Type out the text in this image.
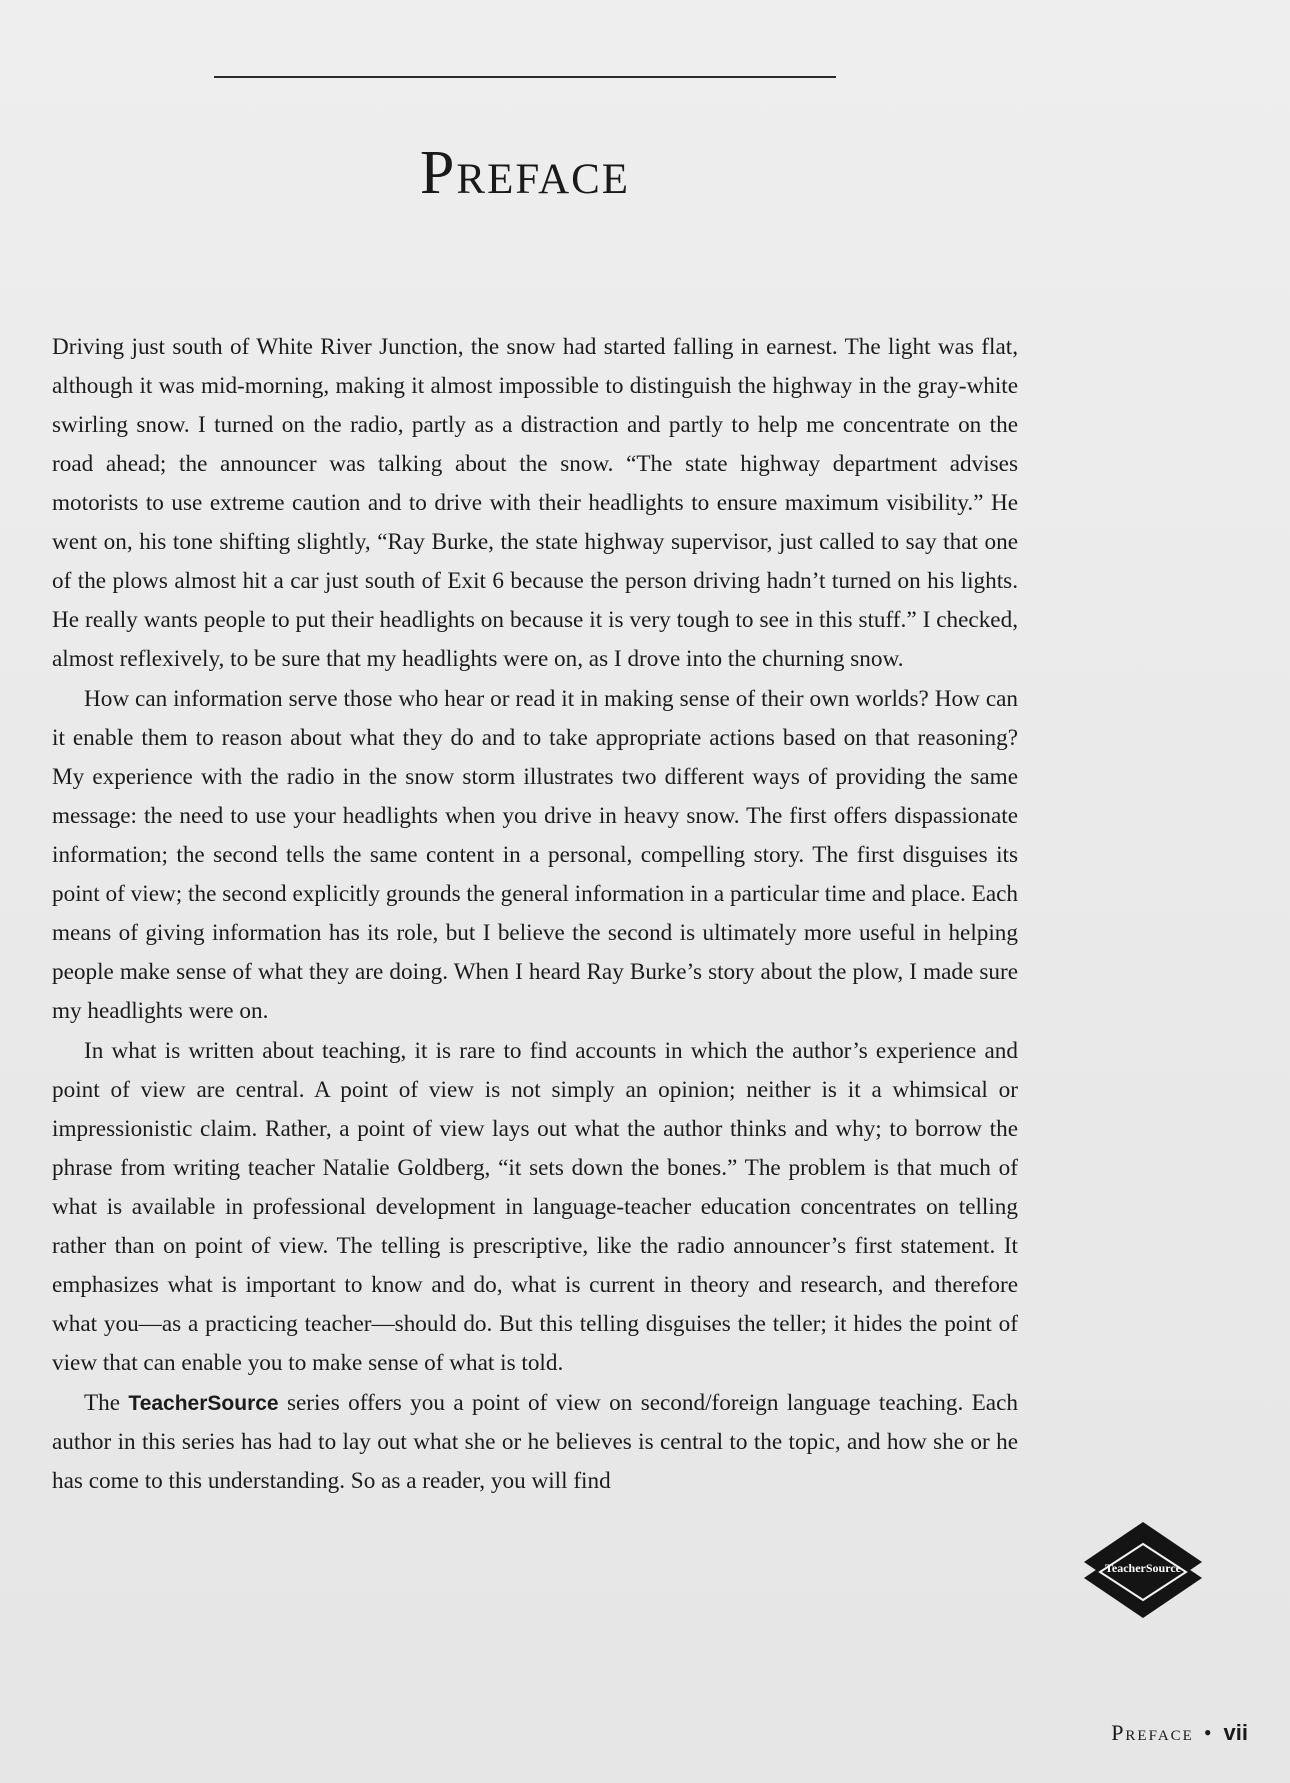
Preface

Driving just south of White River Junction, the snow had started falling in earnest. The light was flat, although it was mid-morning, making it almost impossible to distinguish the highway in the gray-white swirling snow. I turned on the radio, partly as a distraction and partly to help me concentrate on the road ahead; the announcer was talking about the snow. “The state highway department advises motorists to use extreme caution and to drive with their headlights to ensure maximum visibility.” He went on, his tone shifting slightly, “Ray Burke, the state highway supervisor, just called to say that one of the plows almost hit a car just south of Exit 6 because the person driving hadn’t turned on his lights. He really wants people to put their headlights on because it is very tough to see in this stuff.” I checked, almost reflexively, to be sure that my headlights were on, as I drove into the churning snow.

How can information serve those who hear or read it in making sense of their own worlds? How can it enable them to reason about what they do and to take appropriate actions based on that reasoning? My experience with the radio in the snow storm illustrates two different ways of providing the same message: the need to use your headlights when you drive in heavy snow. The first offers dispassionate information; the second tells the same content in a personal, compelling story. The first disguises its point of view; the second explicitly grounds the general information in a particular time and place. Each means of giving information has its role, but I believe the second is ultimately more useful in helping people make sense of what they are doing. When I heard Ray Burke’s story about the plow, I made sure my headlights were on.

In what is written about teaching, it is rare to find accounts in which the author’s experience and point of view are central. A point of view is not simply an opinion; neither is it a whimsical or impressionistic claim. Rather, a point of view lays out what the author thinks and why; to borrow the phrase from writing teacher Natalie Goldberg, “it sets down the bones.” The problem is that much of what is available in professional development in language-teacher education concentrates on telling rather than on point of view. The telling is prescriptive, like the radio announcer’s first statement. It emphasizes what is important to know and do, what is current in theory and research, and therefore what you—as a practicing teacher—should do. But this telling disguises the teller; it hides the point of view that can enable you to make sense of what is told.

The TeacherSource series offers you a point of view on second/foreign language teaching. Each author in this series has had to lay out what she or he believes is central to the topic, and how she or he has come to this understanding. So as a reader, you will find

TeacherSource
Preface • vii
